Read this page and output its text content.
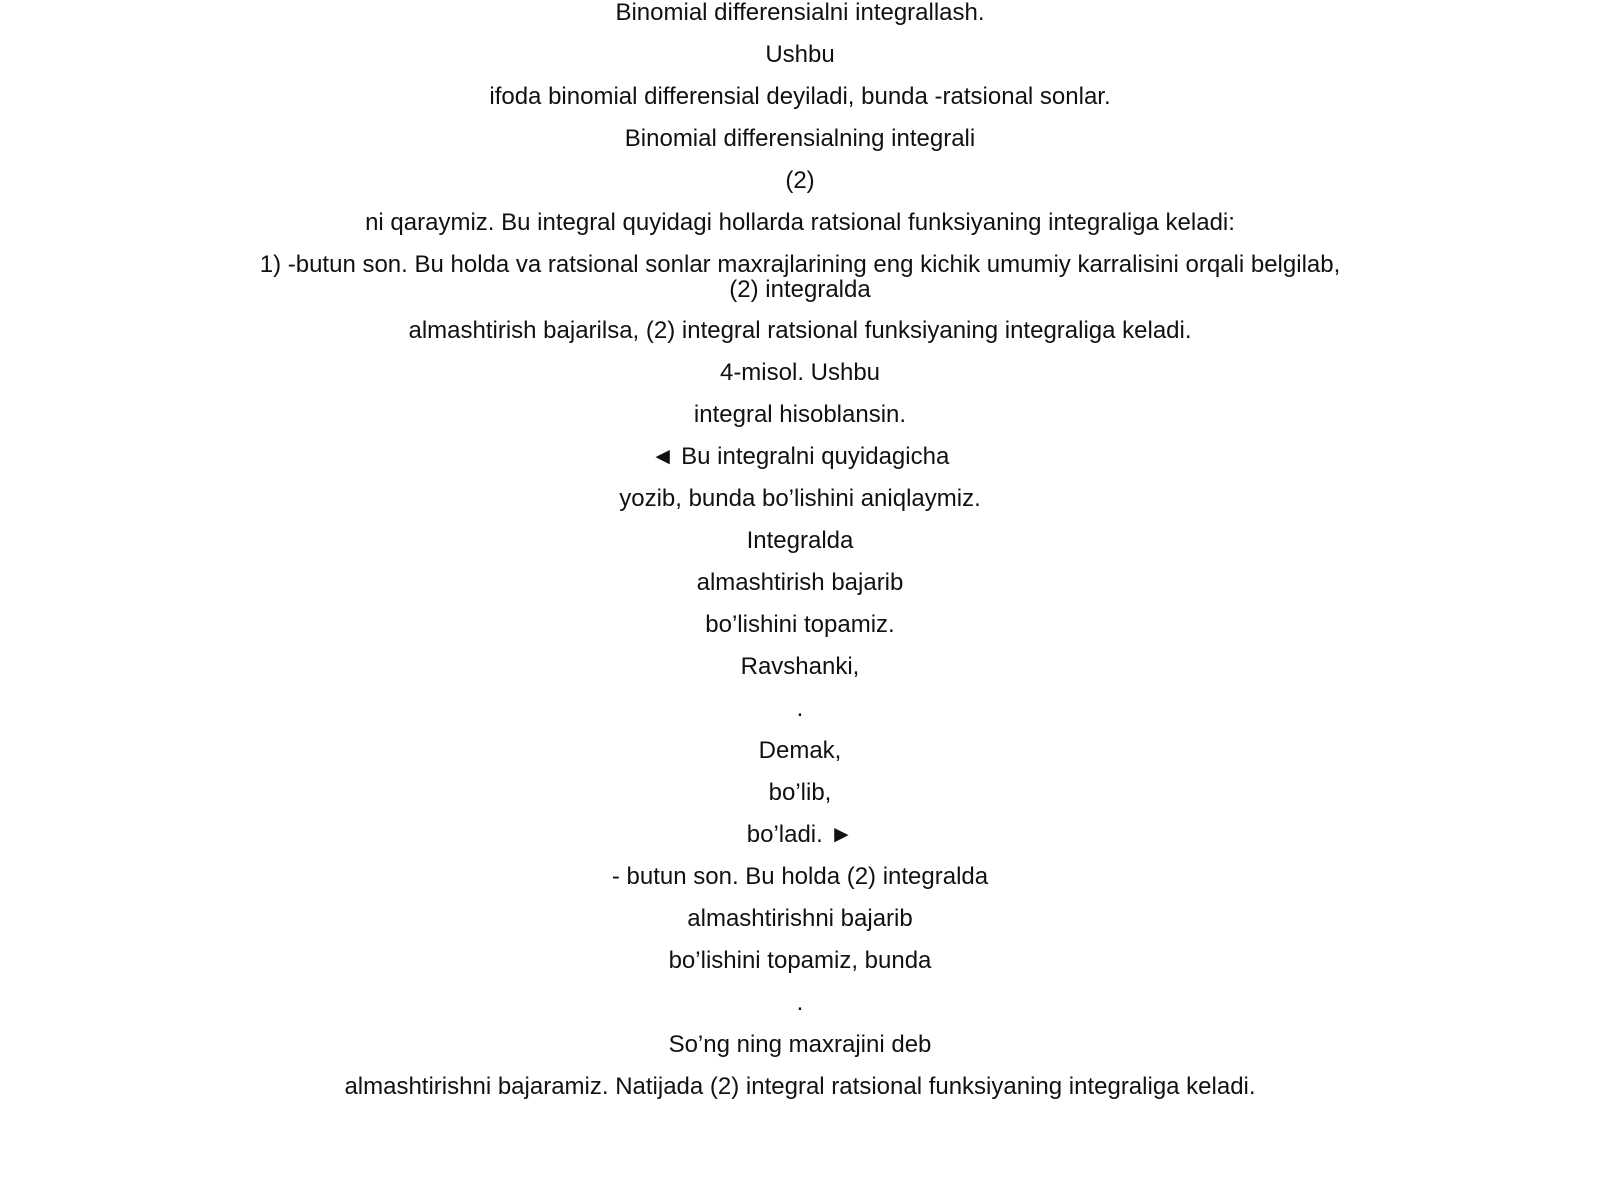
Binomial differensialni integrallash.
Ushbu
ifoda binomial differensial deyiladi, bunda -ratsional sonlar.
Binomial differensialning integrali
(2)
ni qaraymiz. Bu integral quyidagi hollarda ratsional funksiyaning integraliga keladi:
1) -butun son. Bu holda va ratsional sonlar maxrajlarining eng kichik umumiy karralisini orqali belgilab, (2) integralda
almashtirish bajarilsa, (2) integral ratsional funksiyaning integraliga keladi.
4-misol. Ushbu
integral hisoblansin.
◄ Bu integralni quyidagicha
yozib, bunda bo’lishini aniqlaymiz.
Integralda
almashtirish bajarib
bo’lishini topamiz.
Ravshanki,
.
Demak,
bo’lib,
bo’ladi. ►
- butun son. Bu holda (2) integralda
almashtirishni bajarib
bo’lishini topamiz, bunda
.
So’ng ning maxrajini deb
almashtirishni bajaramiz. Natijada (2) integral ratsional funksiyaning integraliga keladi.
